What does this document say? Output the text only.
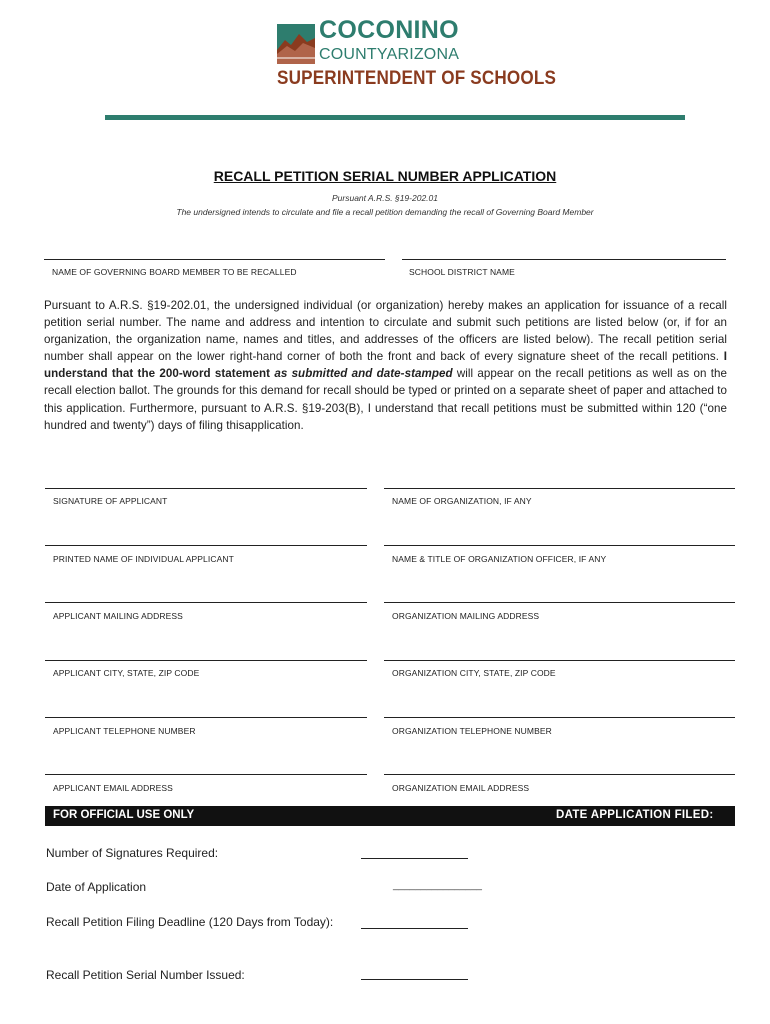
COCONINO
COUNTYARIZONA
SUPERINTENDENT OF SCHOOLS
RECALL PETITION SERIAL NUMBER APPLICATION
Pursuant A.R.S. §19-202.01
The undersigned intends to circulate and file a recall petition demanding the recall of Governing Board Member
NAME OF GOVERNING BOARD MEMBER TO BE RECALLED	SCHOOL DISTRICT NAME
Pursuant to A.R.S. §19-202.01, the undersigned individual (or organization) hereby makes an application for issuance of a recall petition serial number. The name and address and intention to circulate and submit such petitions are listed below (or, if for an organization, the organization name, names and titles, and addresses of the officers are listed below). The recall petition serial number shall appear on the lower right-hand corner of both the front and back of every signature sheet of the recall petitions. I understand that the 200-word statement as submitted and date-stamped will appear on the recall petitions as well as on the recall election ballot. The grounds for this demand for recall should be typed or printed on a separate sheet of paper and attached to this application. Furthermore, pursuant to A.R.S. §19-203(B), I understand that recall petitions must be submitted within 120 (“one hundred and twenty”) days of filing thisapplication.
SIGNATURE OF APPLICANT	NAME OF ORGANIZATION, IF ANY
PRINTED NAME OF INDIVIDUAL APPLICANT	NAME & TITLE OF ORGANIZATION OFFICER, IF ANY
APPLICANT MAILING ADDRESS	ORGANIZATION MAILING ADDRESS
APPLICANT CITY, STATE, ZIP CODE	ORGANIZATION CITY, STATE, ZIP CODE
APPLICANT TELEPHONE NUMBER	ORGANIZATION TELEPHONE NUMBER
APPLICANT EMAIL ADDRESS	ORGANIZATION EMAIL ADDRESS
FOR OFFICIAL USE ONLY	DATE APPLICATION FILED:
Number of Signatures Required:
Date of Application	________________
Recall Petition Filing Deadline (120 Days from Today):
Recall Petition Serial Number Issued:
